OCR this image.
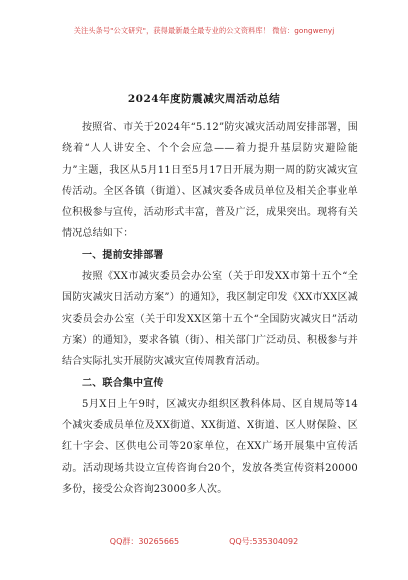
关注头条号"公文研究"，获得最新最全最专业的公文资料库！ 微信：gongwenyj
2024年度防震减灾周活动总结

按照省、市关于2024年“5.12”防灾减灾活动周安排部署，围绕着“人人讲安全、个个会应急——着力提升基层防灾避险能力”主题，我区从5月11日至5月17日开展为期一周的防灾减灾宣传活动。全区各镇（街道）、区减灾委各成员单位及相关企事业单位积极参与宣传，活动形式丰富，普及广泛，成果突出。现将有关情况总结如下：

一、提前安排部署

按照《XX市减灾委员会办公室（关于印发XX市第十五个“全国防灾减灾日活动方案”）的通知》，我区制定印发《XX市XX区减灾委员会办公室（关于印发XX区第十五个“全国防灾减灾日”活动方案）的通知》，要求各镇（街）、相关部门广泛动员、积极参与并结合实际扎实开展防灾减灾宣传周教育活动。

二、联合集中宣传

5月X日上午9时，区减灾办组织区教科体局、区自规局等14个减灾委成员单位及XX街道、XX街道、X街道、区人财保险、区红十字会、区供电公司等20家单位，在XX广场开展集中宣传活动。活动现场共设立宣传咨询台20个，发放各类宣传资料20000多份，接受公众咨询23000多人次。

QQ群：30265665	QQ号:535304092
